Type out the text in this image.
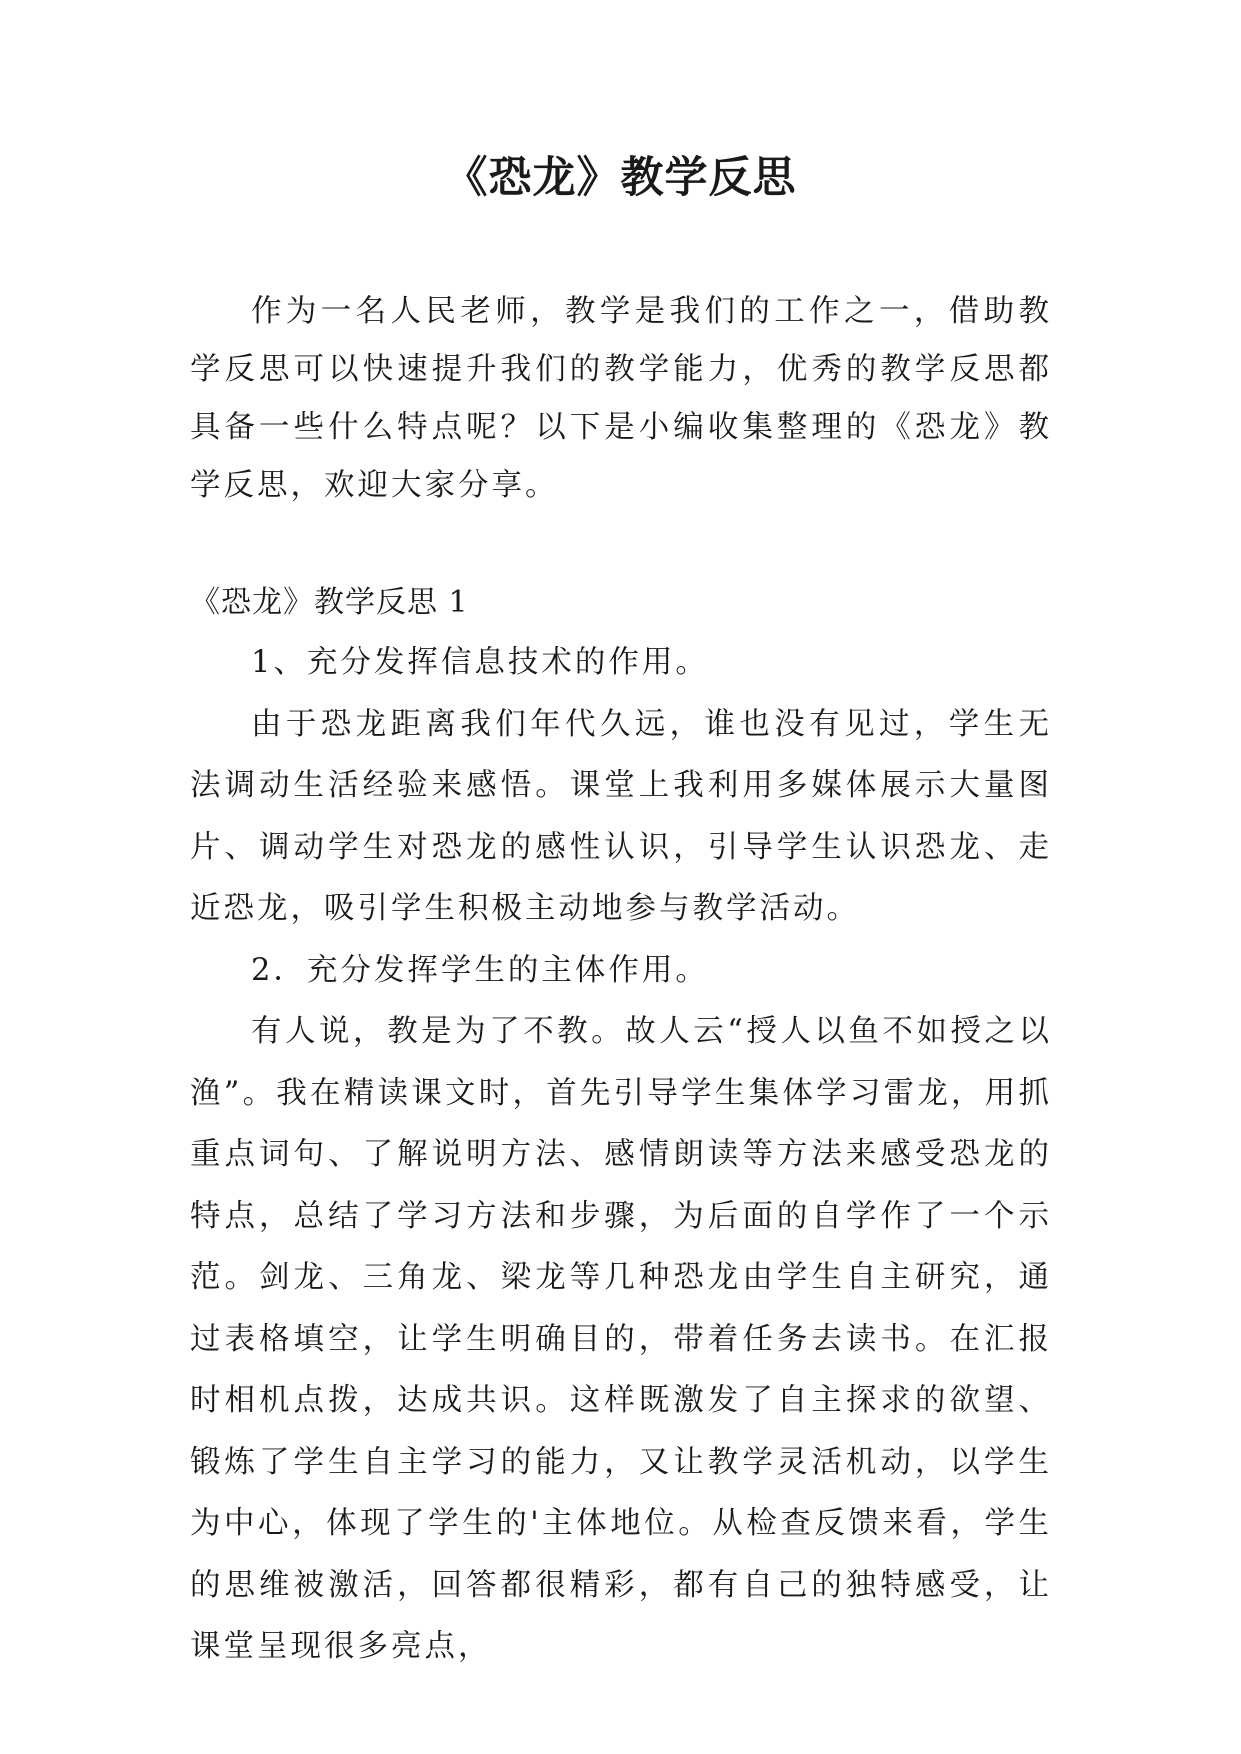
《恐龙》教学反思
作为一名人民老师，教学是我们的工作之一，借助教学反思可以快速提升我们的教学能力，优秀的教学反思都具备一些什么特点呢？以下是小编收集整理的《恐龙》教学反思，欢迎大家分享。
《恐龙》教学反思 1

1、充分发挥信息技术的作用。

由于恐龙距离我们年代久远，谁也没有见过，学生无法调动生活经验来感悟。课堂上我利用多媒体展示大量图片、调动学生对恐龙的感性认识，引导学生认识恐龙、走近恐龙，吸引学生积极主动地参与教学活动。

2．充分发挥学生的主体作用。

有人说，教是为了不教。故人云“授人以鱼不如授之以渔”。我在精读课文时，首先引导学生集体学习雷龙，用抓重点词句、了解说明方法、感情朗读等方法来感受恐龙的特点，总结了学习方法和步骤，为后面的自学作了一个示范。剑龙、三角龙、梁龙等几种恐龙由学生自主研究，通过表格填空，让学生明确目的，带着任务去读书。在汇报时相机点拨，达成共识。这样既激发了自主探求的欲望、锻炼了学生自主学习的能力，又让教学灵活机动，以学生为中心，体现了学生的'主体地位。从检查反馈来看，学生的思维被激活，回答都很精彩，都有自己的独特感受，让课堂呈现很多亮点，
